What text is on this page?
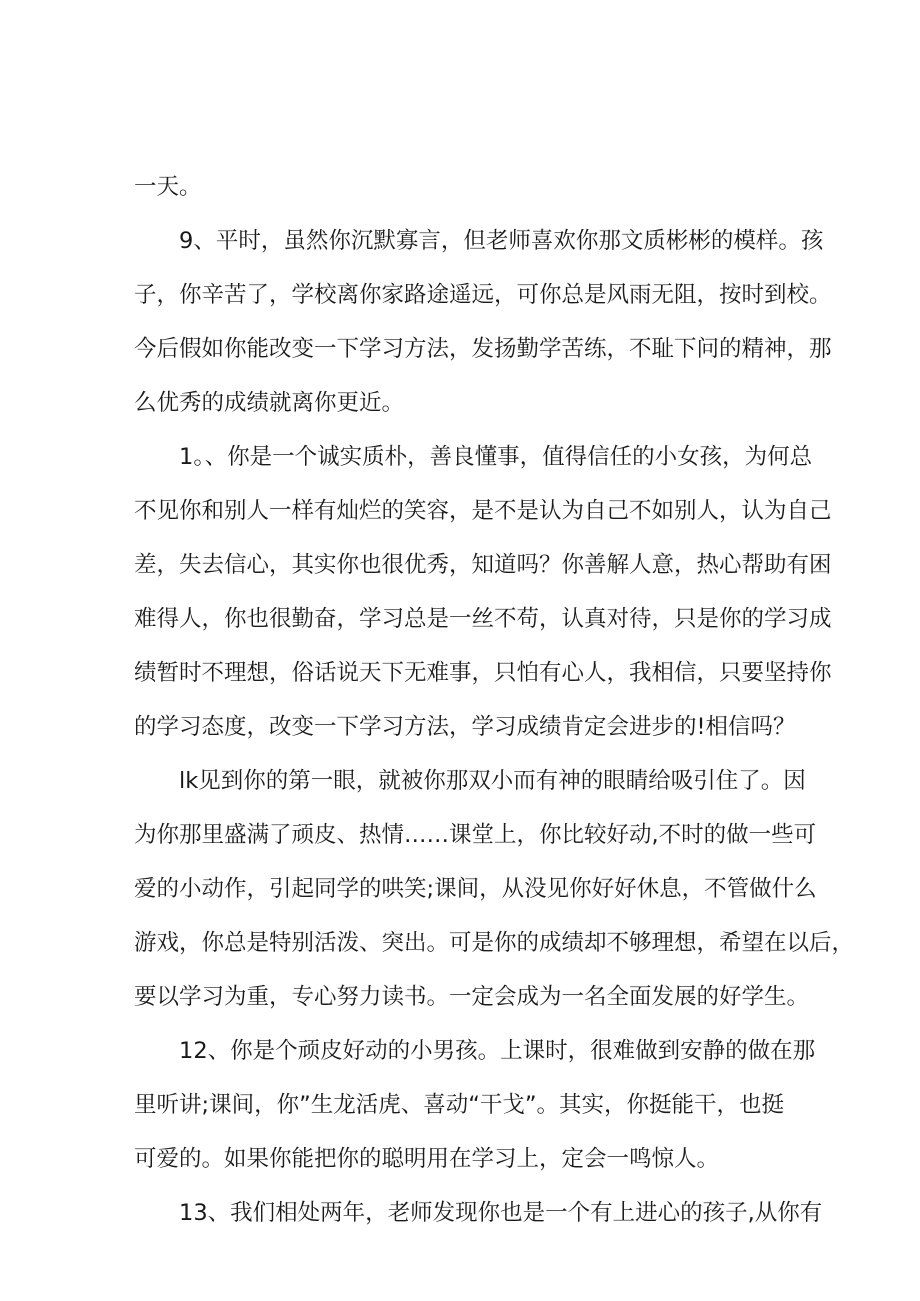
一天。
9、平时，虽然你沉默寡言，但老师喜欢你那文质彬彬的模样。孩
子，你辛苦了，学校离你家路途遥远，可你总是风雨无阻，按时到校。
今后假如你能改变一下学习方法，发扬勤学苦练，不耻下问的精神，那
么优秀的成绩就离你更近。
1。、你是一个诚实质朴，善良懂事，值得信任的小女孩，为何总
不见你和别人一样有灿烂的笑容，是不是认为自己不如别人，认为自己
差，失去信心，其实你也很优秀，知道吗？你善解人意，热心帮助有困
难得人，你也很勤奋，学习总是一丝不苟，认真对待，只是你的学习成
绩暂时不理想，俗话说天下无难事，只怕有心人，我相信，只要坚持你
的学习态度，改变一下学习方法，学习成绩肯定会进步的!相信吗？
lk见到你的第一眼，就被你那双小而有神的眼睛给吸引住了。因
为你那里盛满了顽皮、热情……课堂上，你比较好动,不时的做一些可
爱的小动作，引起同学的哄笑;课间，从没见你好好休息，不管做什么
游戏，你总是特别活泼、突出。可是你的成绩却不够理想，希望在以后，
要以学习为重，专心努力读书。一定会成为一名全面发展的好学生。
12、你是个顽皮好动的小男孩。上课时，很难做到安静的做在那
里听讲;课间，你”生龙活虎、喜动“干戈”。其实，你挺能干，也挺
可爱的。如果你能把你的聪明用在学习上，定会一鸣惊人。
13、我们相处两年，老师发现你也是一个有上进心的孩子,从你有
